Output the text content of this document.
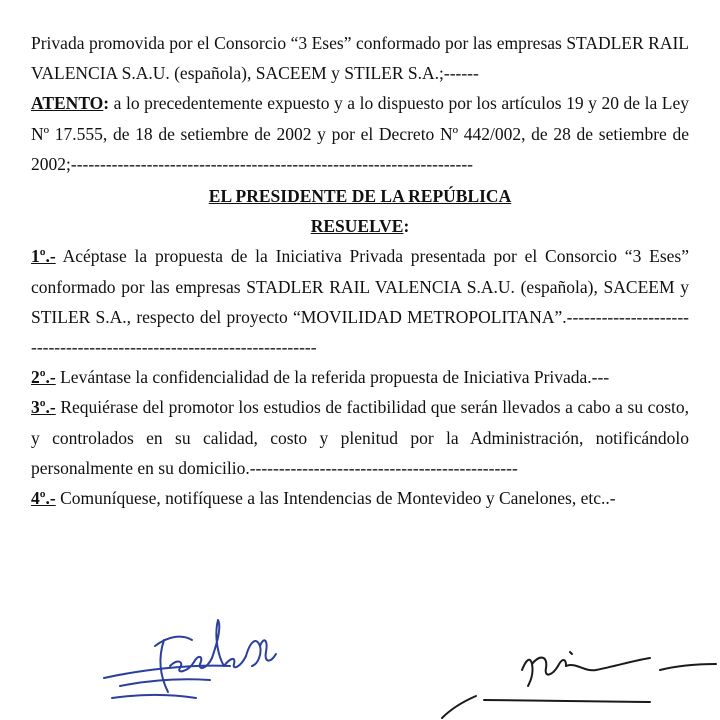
Privada promovida por el Consorcio “3 Eses” conformado por las empresas STADLER RAIL VALENCIA S.A.U. (española), SACEEM y STILER S.A.;------

ATENTO: a lo precedentemente expuesto y a lo dispuesto por los artículos 19 y 20 de la Ley Nº 17.555, de 18 de setiembre de 2002 y por el Decreto Nº 442/002, de 28 de setiembre de 2002;---------------------------------------------------------------------

EL PRESIDENTE DE LA REPÚBLICA

RESUELVE:

1º.- Acéptase la propuesta de la Iniciativa Privada presentada por el Consorcio “3 Eses” conformado por las empresas STADLER RAIL VALENCIA S.A.U. (española), SACEEM y STILER S.A., respecto del proyecto “MOVILIDAD METROPOLITANA”.----------------------------------------------------------------------

2º.- Levántase la confidencialidad de la referida propuesta de Iniciativa Privada.---

3º.- Requiérase del promotor los estudios de factibilidad que serán llevados a cabo a su costo, y controlados en su calidad, costo y plenitud por la Administración, notificándolo personalmente en su domicilio.----------------------------------------------

4º.- Comuníquese, notifíquese a las Intendencias de Montevideo y Canelones, etc..-
